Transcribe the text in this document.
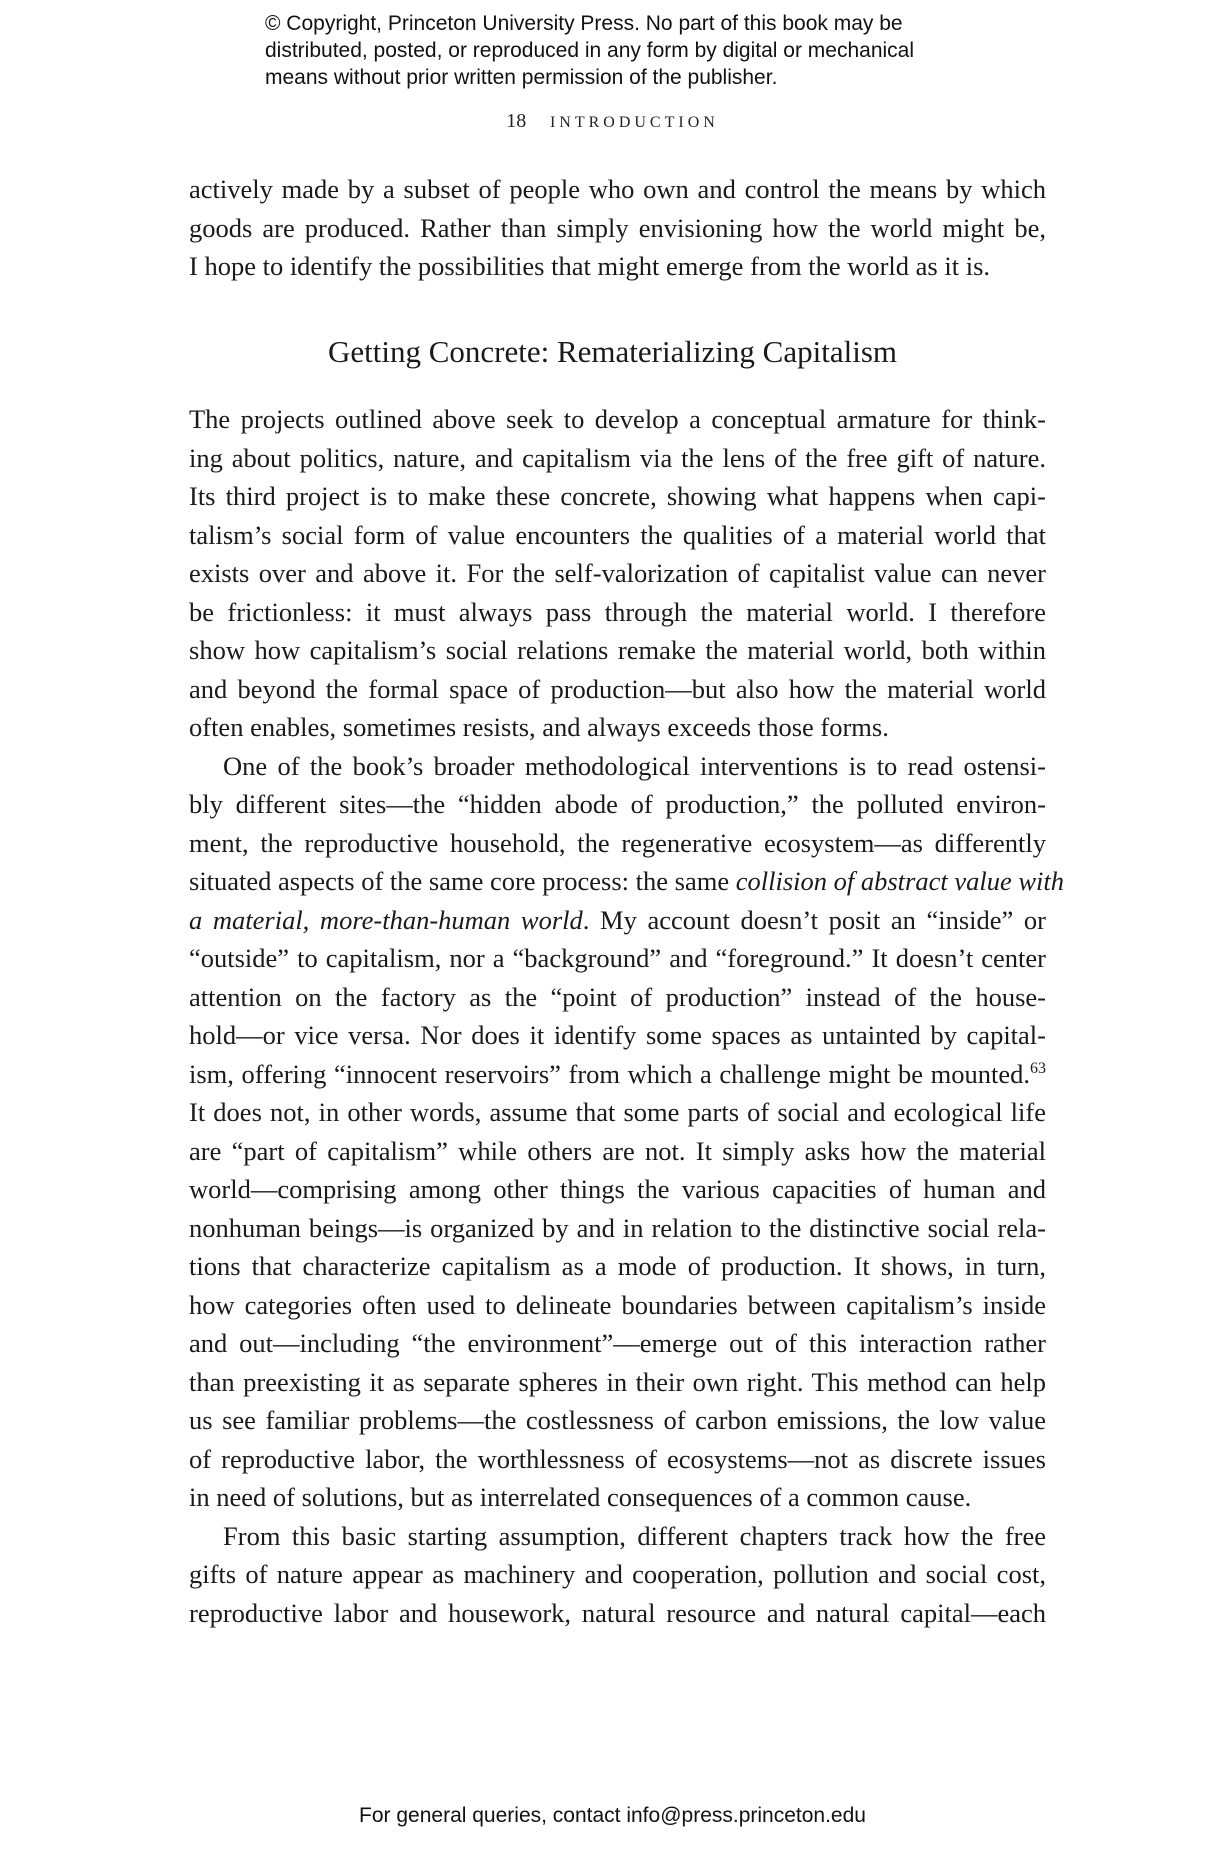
© Copyright, Princeton University Press. No part of this book may be
distributed, posted, or reproduced in any form by digital or mechanical
means without prior written permission of the publisher.
18 INTRODUCTION
actively made by a subset of people who own and control the means by which
goods are produced. Rather than simply envisioning how the world might be,
I hope to identify the possibilities that might emerge from the world as it is.
Getting Concrete: Rematerializing Capitalism
The projects outlined above seek to develop a conceptual armature for think-
ing about politics, nature, and capitalism via the lens of the free gift of nature.
Its third project is to make these concrete, showing what happens when capi-
talism’s social form of value encounters the qualities of a material world that
exists over and above it. For the self-valorization of capitalist value can never
be frictionless: it must always pass through the material world. I therefore
show how capitalism’s social relations remake the material world, both within
and beyond the formal space of production—but also how the material world
often enables, sometimes resists, and always exceeds those forms.
One of the book’s broader methodological interventions is to read ostensi-
bly different sites—the “hidden abode of production,” the polluted environ-
ment, the reproductive household, the regenerative ecosystem—as differently
situated aspects of the same core process: the same collision of abstract value with
a material, more-than-human world. My account doesn’t posit an “inside” or
“outside” to capitalism, nor a “background” and “foreground.” It doesn’t center
attention on the factory as the “point of production” instead of the house-
hold—or vice versa. Nor does it identify some spaces as untainted by capital-
ism, offering “innocent reservoirs” from which a challenge might be mounted.$^{63}$
It does not, in other words, assume that some parts of social and ecological life
are “part of capitalism” while others are not. It simply asks how the material
world—comprising among other things the various capacities of human and
nonhuman beings—is organized by and in relation to the distinctive social rela-
tions that characterize capitalism as a mode of production. It shows, in turn,
how categories often used to delineate boundaries between capitalism’s inside
and out—including “the environment”—emerge out of this interaction rather
than preexisting it as separate spheres in their own right. This method can help
us see familiar problems—the costlessness of carbon emissions, the low value
of reproductive labor, the worthlessness of ecosystems—not as discrete issues
in need of solutions, but as interrelated consequences of a common cause.
From this basic starting assumption, different chapters track how the free
gifts of nature appear as machinery and cooperation, pollution and social cost,
reproductive labor and housework, natural resource and natural capital—each
For general queries, contact info@press.princeton.edu
